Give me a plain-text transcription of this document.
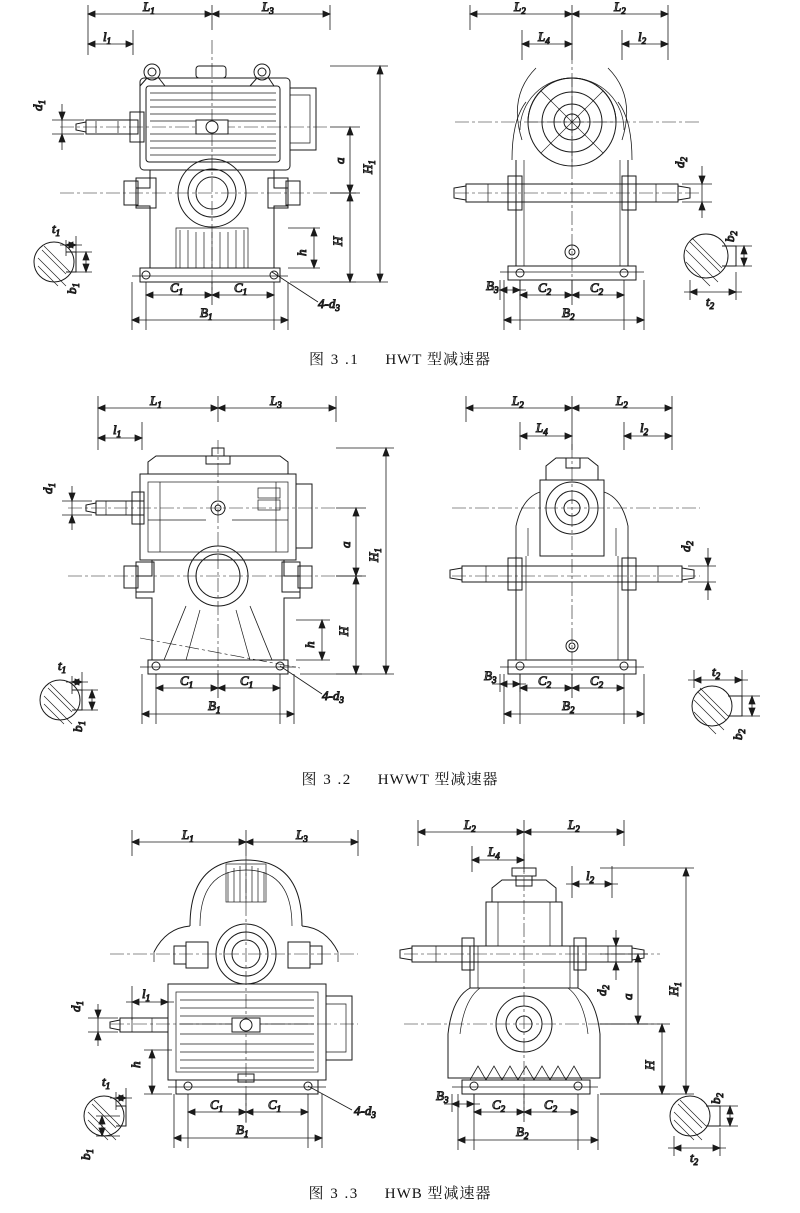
$L_1$	$L_3$
$l_1$
$d_1$
a
$H_1$
H
h
$C_1$	$C_1$
$B_1$
$4-d_3$
$t_1$
$b_1$
$L_2$	$L_2$
$L_4$	$l_2$
$d_2$
$B_3$	$C_2$	$C_2$
$B_2$
$b_2$
$t_2$
图 3 .1 HWT 型减速器
$L_1$	$L_3$
$l_1$
$d_1$
a
$H_1$
H
h
$C_1$	$C_1$
$B_1$
$4-d_3$
$t_1$
$b_1$
$L_2$	$L_2$
$L_4$	$l_2$
$d_2$
$B_3$	$C_2$	$C_2$
$B_2$
$b_2$
$t_2$
图 3 .2 HWWT 型减速器
$L_1$	$L_3$
$l_1$
$d_1$
h
$C_1$	$C_1$
$B_1$
$4-d_3$
$t_1$
$b_1$
$L_2$	$L_2$
$L_4$
$l_2$
$d_2$
a
$H_1$
H
$B_3$	$C_2$	$C_2$
$B_2$
$b_2$
$t_2$
图 3 .3 HWB 型减速器
